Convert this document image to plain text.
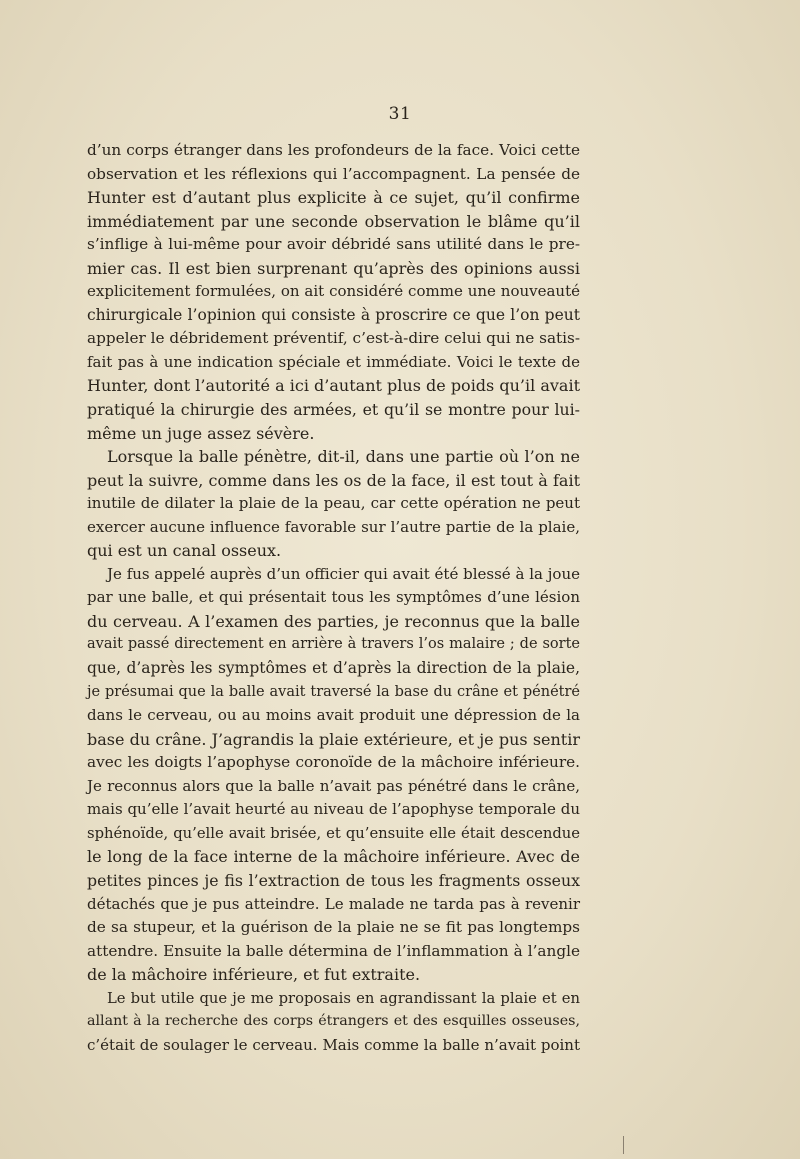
31
d’un corps étranger dans les profondeurs de la face. Voici cette
observation et les réflexions qui l’accompagnent. La pensée de
Hunter est d’autant plus explicite à ce sujet, qu’il confirme
immédiatement par une seconde observation le blâme qu’il
s’inflige à lui-même pour avoir débridé sans utilité dans le pre-
mier cas. Il est bien surprenant qu’après des opinions aussi
explicitement formulées, on ait considéré comme une nouveauté
chirurgicale l’opinion qui consiste à proscrire ce que l’on peut
appeler le débridement préventif, c’est-à-dire celui qui ne satis-
fait pas à une indication spéciale et immédiate. Voici le texte de
Hunter, dont l’autorité a ici d’autant plus de poids qu’il avait
pratiqué la chirurgie des armées, et qu’il se montre pour lui-
même un juge assez sévère.
Lorsque la balle pénètre, dit-il, dans une partie où l’on ne
peut la suivre, comme dans les os de la face, il est tout à fait
inutile de dilater la plaie de la peau, car cette opération ne peut
exercer aucune influence favorable sur l’autre partie de la plaie,
qui est un canal osseux.
Je fus appelé auprès d’un officier qui avait été blessé à la joue
par une balle, et qui présentait tous les symptômes d’une lésion
du cerveau. A l’examen des parties, je reconnus que la balle
avait passé directement en arrière à travers l’os malaire ; de sorte
que, d’après les symptômes et d’après la direction de la plaie,
je présumai que la balle avait traversé la base du crâne et pénétré
dans le cerveau, ou au moins avait produit une dépression de la
base du crâne. J’agrandis la plaie extérieure, et je pus sentir
avec les doigts l’apophyse coronoïde de la mâchoire inférieure.
Je reconnus alors que la balle n’avait pas pénétré dans le crâne,
mais qu’elle l’avait heurté au niveau de l’apophyse temporale du
sphénoïde, qu’elle avait brisée, et qu’ensuite elle était descendue
le long de la face interne de la mâchoire inférieure. Avec de
petites pinces je fis l’extraction de tous les fragments osseux
détachés que je pus atteindre. Le malade ne tarda pas à revenir
de sa stupeur, et la guérison de la plaie ne se fit pas longtemps
attendre. Ensuite la balle détermina de l’inflammation à l’angle
de la mâchoire inférieure, et fut extraite.
Le but utile que je me proposais en agrandissant la plaie et en
allant à la recherche des corps étrangers et des esquilles osseuses,
c’était de soulager le cerveau. Mais comme la balle n’avait point
